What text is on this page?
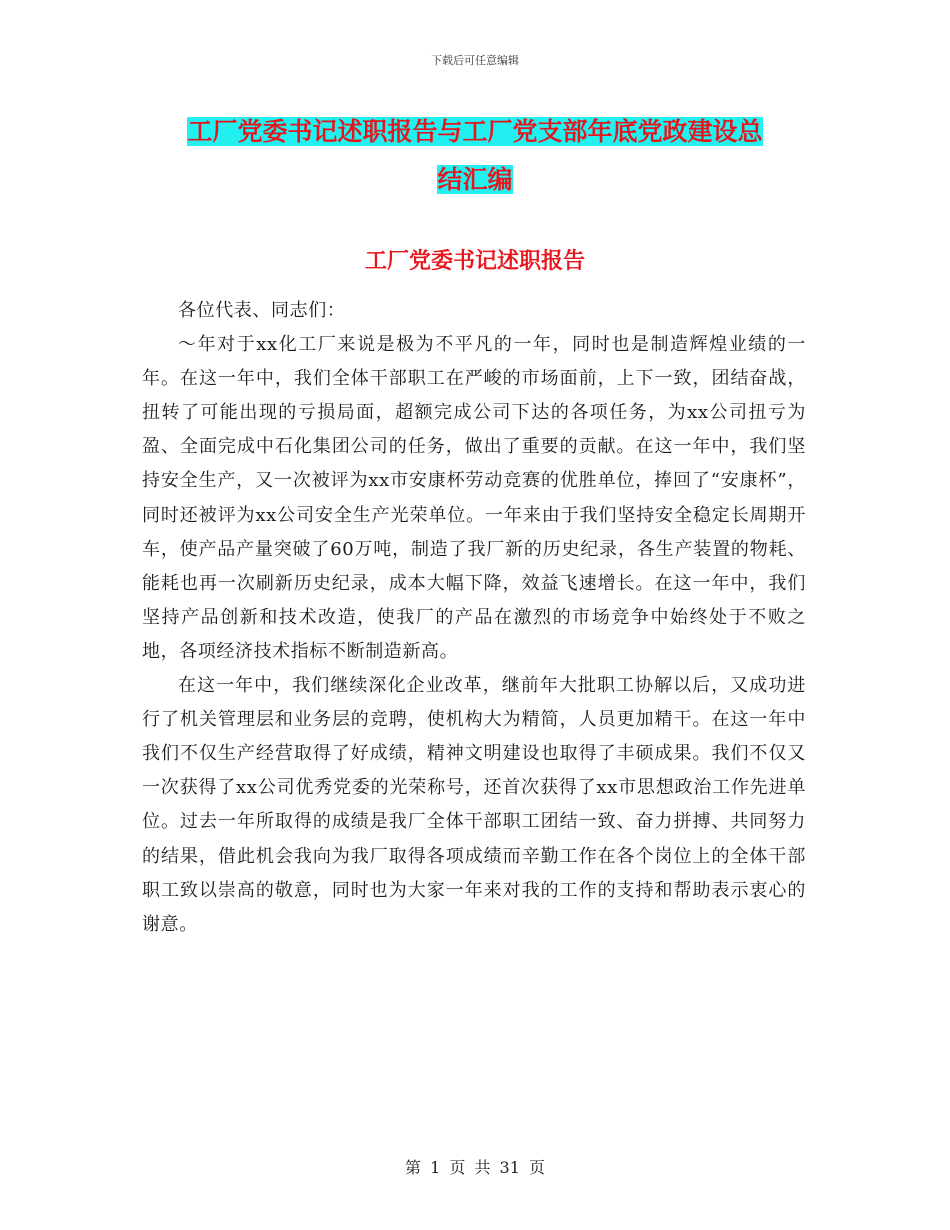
下载后可任意编辑
工厂党委书记述职报告与工厂党支部年底党政建设总
结汇编
工厂党委书记述职报告

各位代表、同志们：

～年对于xx化工厂来说是极为不平凡的一年，同时也是制造辉煌业绩的一年。在这一年中，我们全体干部职工在严峻的市场面前，上下一致，团结奋战，扭转了可能出现的亏损局面，超额完成公司下达的各项任务，为xx公司扭亏为盈、全面完成中石化集团公司的任务，做出了重要的贡献。在这一年中，我们坚持安全生产，又一次被评为xx市安康杯劳动竞赛的优胜单位，捧回了“安康杯”，同时还被评为xx公司安全生产光荣单位。一年来由于我们坚持安全稳定长周期开车，使产品产量突破了60万吨，制造了我厂新的历史纪录，各生产装置的物耗、能耗也再一次刷新历史纪录，成本大幅下降，效益飞速增长。在这一年中，我们坚持产品创新和技术改造，使我厂的产品在激烈的市场竞争中始终处于不败之地，各项经济技术指标不断制造新高。

在这一年中，我们继续深化企业改革，继前年大批职工协解以后，又成功进行了机关管理层和业务层的竞聘，使机构大为精简，人员更加精干。在这一年中我们不仅生产经营取得了好成绩，精神文明建设也取得了丰硕成果。我们不仅又一次获得了xx公司优秀党委的光荣称号，还首次获得了xx市思想政治工作先进单位。过去一年所取得的成绩是我厂全体干部职工团结一致、奋力拼搏、共同努力的结果，借此机会我向为我厂取得各项成绩而辛勤工作在各个岗位上的全体干部职工致以崇高的敬意，同时也为大家一年来对我的工作的支持和帮助表示衷心的谢意。

第 1 页 共 31 页
